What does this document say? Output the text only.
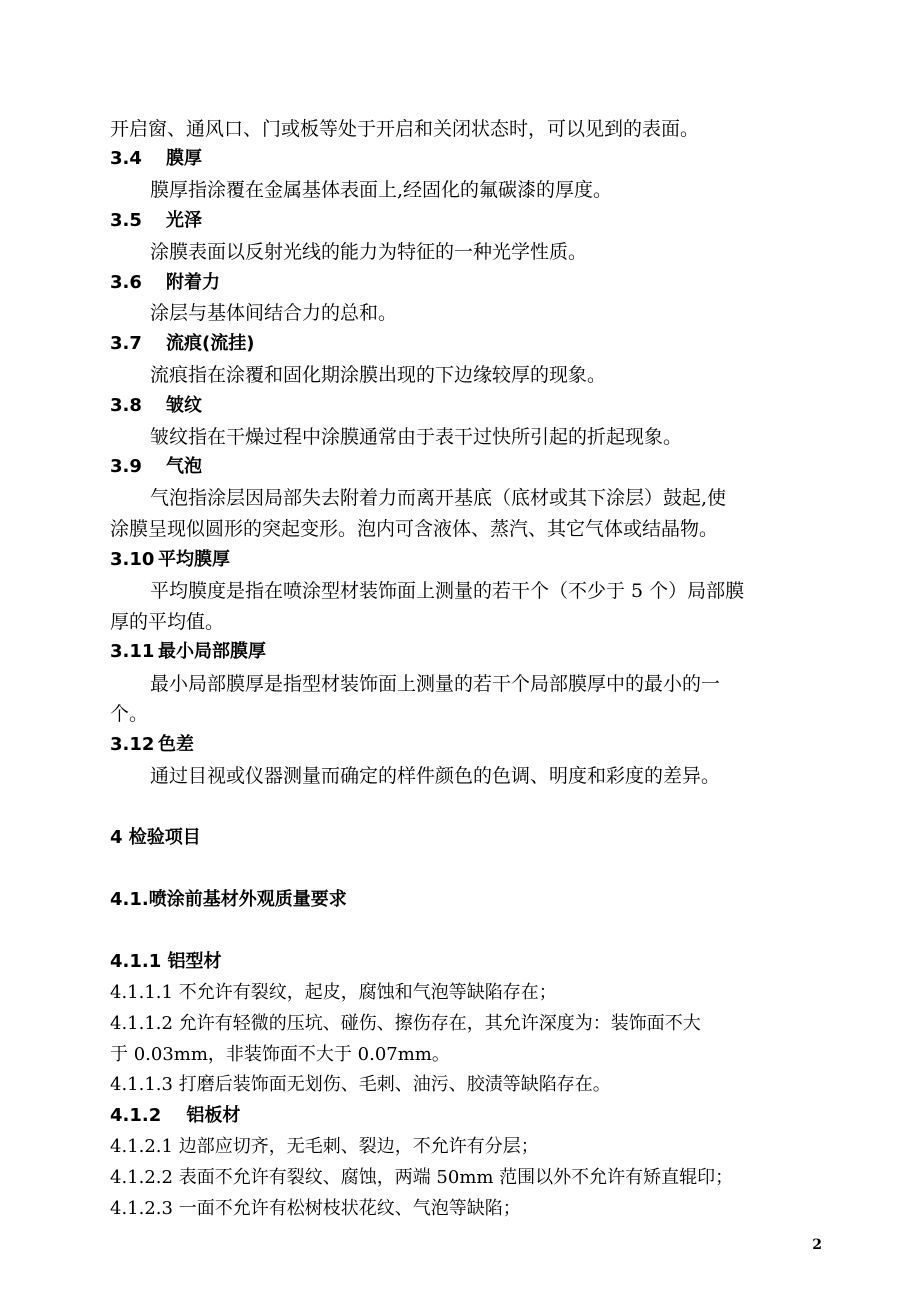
开启窗、通风口、门或板等处于开启和关闭状态时，可以见到的表面。
3.4 膜厚
膜厚指涂覆在金属基体表面上,经固化的氟碳漆的厚度。
3.5 光泽
涂膜表面以反射光线的能力为特征的一种光学性质。
3.6 附着力
涂层与基体间结合力的总和。
3.7 流痕(流挂)
流痕指在涂覆和固化期涂膜出现的下边缘较厚的现象。
3.8 皱纹
皱纹指在干燥过程中涂膜通常由于表干过快所引起的折起现象。
3.9 气泡
气泡指涂层因局部失去附着力而离开基底（底材或其下涂层）鼓起,使
涂膜呈现似圆形的突起变形。泡内可含液体、蒸汽、其它气体或结晶物。
3.10 平均膜厚
平均膜度是指在喷涂型材装饰面上测量的若干个（不少于 5 个）局部膜
厚的平均值。
3.11 最小局部膜厚
最小局部膜厚是指型材装饰面上测量的若干个局部膜厚中的最小的一
个。
3.12 色差
通过目视或仪器测量而确定的样件颜色的色调、明度和彩度的差异。
4 检验项目
4.1.喷涂前基材外观质量要求
4.1.1 铝型材
4.1.1.1 不允许有裂纹，起皮，腐蚀和气泡等缺陷存在；
4.1.1.2 允许有轻微的压坑、碰伤、擦伤存在，其允许深度为：装饰面不大
于 0.03mm，非装饰面不大于 0.07mm。
4.1.1.3 打磨后装饰面无划伤、毛刺、油污、胶渍等缺陷存在。
4.1.2    铝板材
4.1.2.1 边部应切齐，无毛刺、裂边，不允许有分层；
4.1.2.2 表面不允许有裂纹、腐蚀，两端 50mm 范围以外不允许有矫直辊印；
4.1.2.3 一面不允许有松树枝状花纹、气泡等缺陷；
2
